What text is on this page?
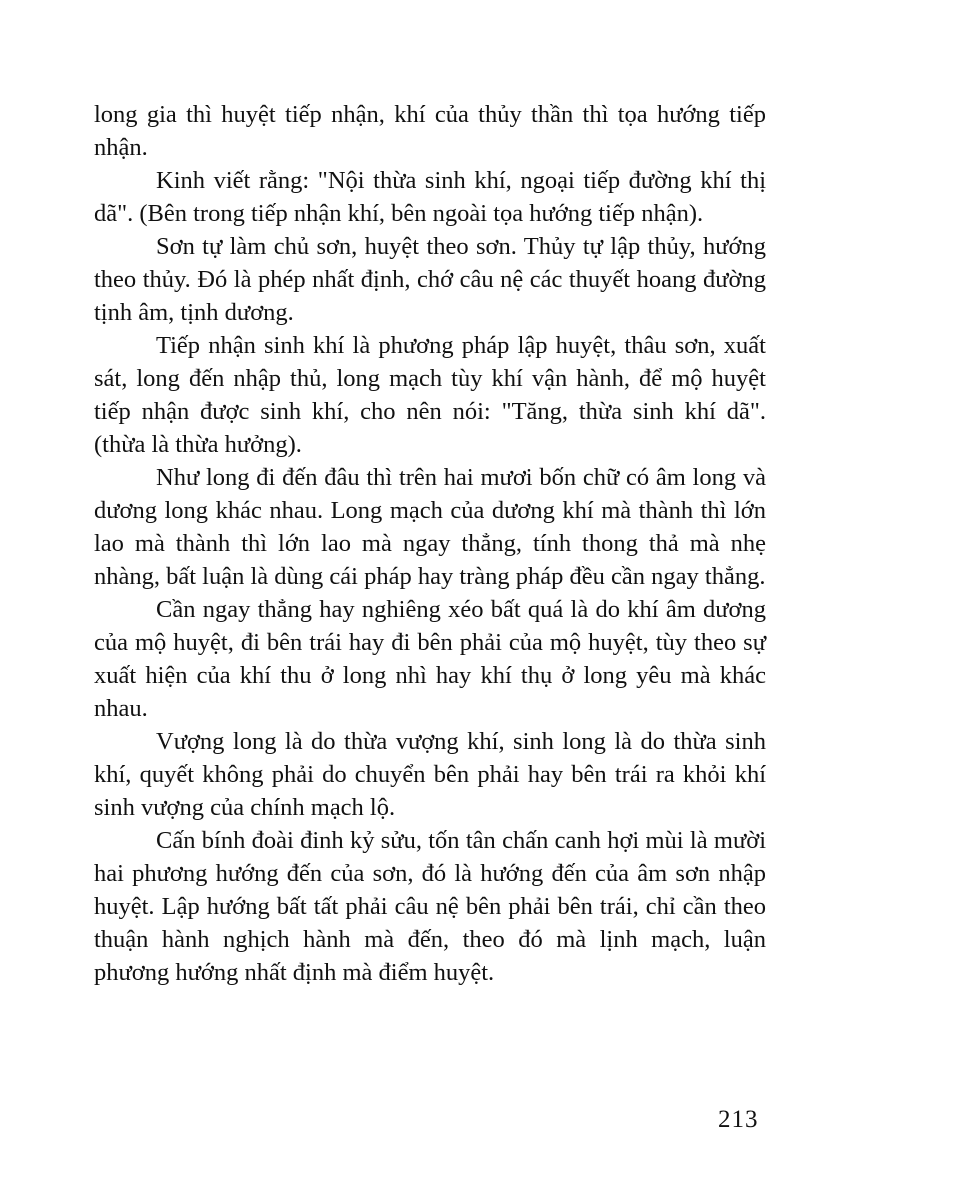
long gia thì huyệt tiếp nhận, khí của thủy thần thì tọa hướng tiếp nhận.

Kinh viết rằng: "Nội thừa sinh khí, ngoại tiếp đường khí thị dã". (Bên trong tiếp nhận khí, bên ngoài tọa hướng tiếp nhận).

Sơn tự làm chủ sơn, huyệt theo sơn. Thủy tự lập thủy, hướng theo thủy. Đó là phép nhất định, chớ câu nệ các thuyết hoang đường tịnh âm, tịnh dương.

Tiếp nhận sinh khí là phương pháp lập huyệt, thâu sơn, xuất sát, long đến nhập thủ, long mạch tùy khí vận hành, để mộ huyệt tiếp nhận được sinh khí, cho nên nói: "Tăng, thừa sinh khí dã". (thừa là thừa hưởng).

Như long đi đến đâu thì trên hai mươi bốn chữ có âm long và dương long khác nhau. Long mạch của dương khí mà thành thì lớn lao mà thành thì lớn lao mà ngay thẳng, tính thong thả mà nhẹ nhàng, bất luận là dùng cái pháp hay tràng pháp đều cần ngay thẳng.

Cần ngay thẳng hay nghiêng xéo bất quá là do khí âm dương của mộ huyệt, đi bên trái hay đi bên phải của mộ huyệt, tùy theo sự xuất hiện của khí thu ở long nhì hay khí thụ ở long yêu mà khác nhau.

Vượng long là do thừa vượng khí, sinh long là do thừa sinh khí, quyết không phải do chuyển bên phải hay bên trái ra khỏi khí sinh vượng của chính mạch lộ.

Cấn bính đoài đinh kỷ sửu, tốn tân chấn canh hợi mùi là mười hai phương hướng đến của sơn, đó là hướng đến của âm sơn nhập huyệt. Lập hướng bất tất phải câu nệ bên phải bên trái, chỉ cần theo thuận hành nghịch hành mà đến, theo đó mà lịnh mạch, luận phương hướng nhất định mà điểm huyệt.

213
